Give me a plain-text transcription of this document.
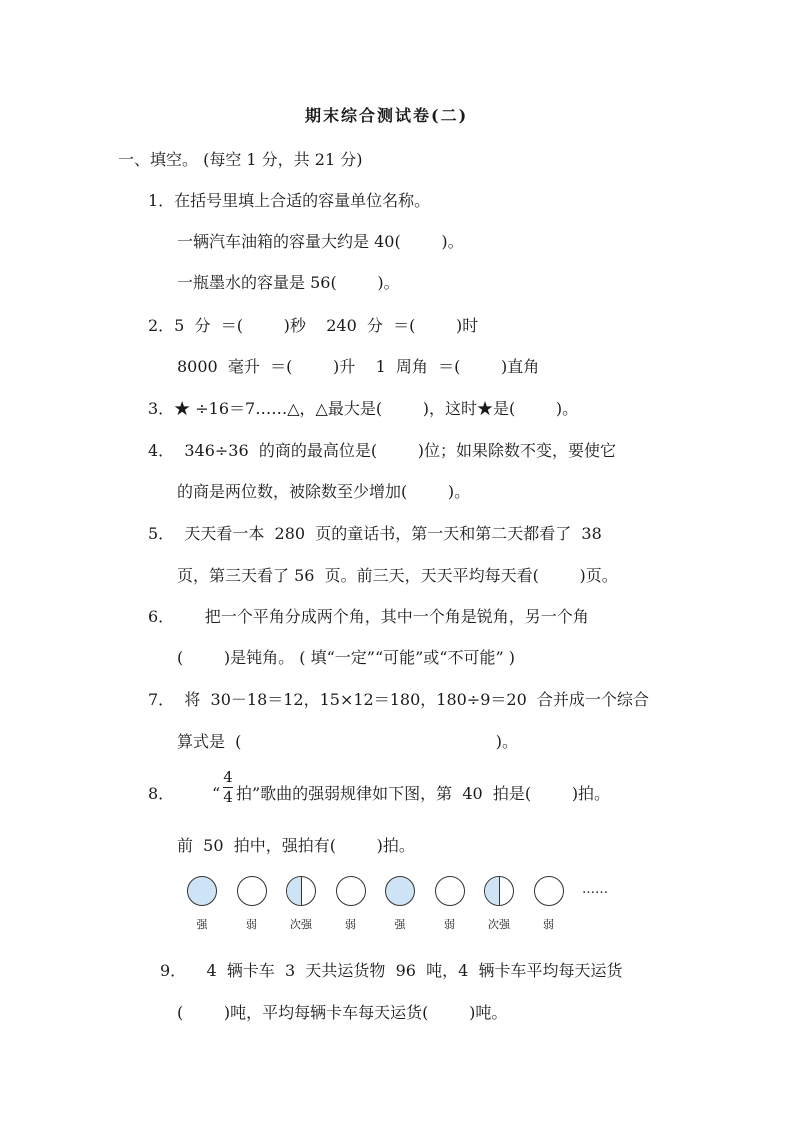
期末综合测试卷(二)
一、填空。 (每空 1 分，共 21 分)
1．在括号里填上合适的容量单位名称。
一辆汽车油箱的容量大约是 40(        )。
一瓶墨水的容量是 56(        )。
2．5  分  ＝(        )秒    240  分  ＝(        )时
8000  毫升  ＝(        )升    1  周角  ＝(        )直角
3．★ ÷16＝7……△，△最大是(        )，这时★是(        )。
4．  346÷36  的商的最高位是(        )位；如果除数不变，要使它
的商是两位数，被除数至少增加(        )。
5．  天天看一本  280  页的童话书，第一天和第二天都看了  38
页，第三天看了 56  页。前三天，天天平均每天看(        )页。
6．      把一个平角分成两个角，其中一个角是锐角，另一个角
(        )是钝角。 ( 填“一定”“可能”或“不可能” )
7．  将  30－18＝12，15×12＝180，180÷9＝20  合并成一个综合
算式是  (                                                  )。
8． “
4
4 拍”歌曲的强弱规律如下图，第  40  拍是(        )拍。
前  50  拍中，强拍有(        )拍。
强	弱	次强	弱	强	弱	次强	弱
……
9．    4  辆卡车  3  天共运货物  96  吨，4  辆卡车平均每天运货
(        )吨，平均每辆卡车每天运货(        )吨。
